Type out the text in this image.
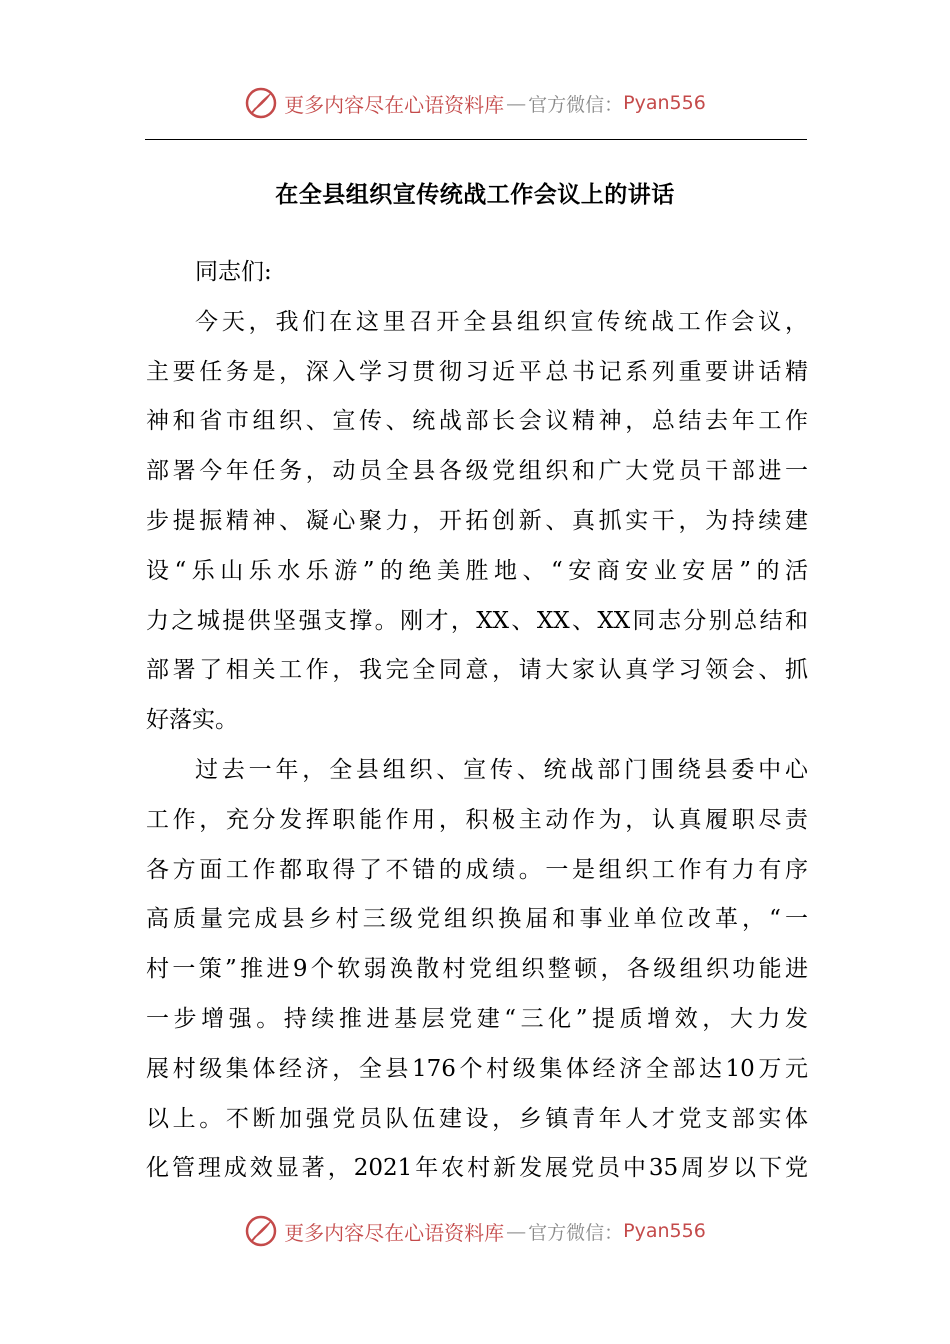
更多内容尽在心语资料库 — 官方微信： Pyan556
在全县组织宣传统战工作会议上的讲话
同志们:
今天，我们在这里召开全县组织宣传统战工作会议，
主要任务是，深入学习贯彻习近平总书记系列重要讲话精
神和省市组织、宣传、统战部长会议精神，总结去年工作
部署今年任务，动员全县各级党组织和广大党员干部进一
步提振精神、凝心聚力，开拓创新、真抓实干，为持续建
设“乐山乐水乐游”的绝美胜地、“安商安业安居”的活
力之城提供坚强支撑。刚才，XX、XX、XX同志分别总结和
部署了相关工作，我完全同意，请大家认真学习领会、抓
好落实。
过去一年，全县组织、宣传、统战部门围绕县委中心
工作，充分发挥职能作用，积极主动作为，认真履职尽责
各方面工作都取得了不错的成绩。一是组织工作有力有序
高质量完成县乡村三级党组织换届和事业单位改革，“一
村一策”推进9个软弱涣散村党组织整顿，各级组织功能进
一步增强。持续推进基层党建“三化”提质增效，大力发
展村级集体经济，全县176个村级集体经济全部达10万元
以上。不断加强党员队伍建设，乡镇青年人才党支部实体
化管理成效显著，2021年农村新发展党员中35周岁以下党
更多内容尽在心语资料库 — 官方微信： Pyan556
